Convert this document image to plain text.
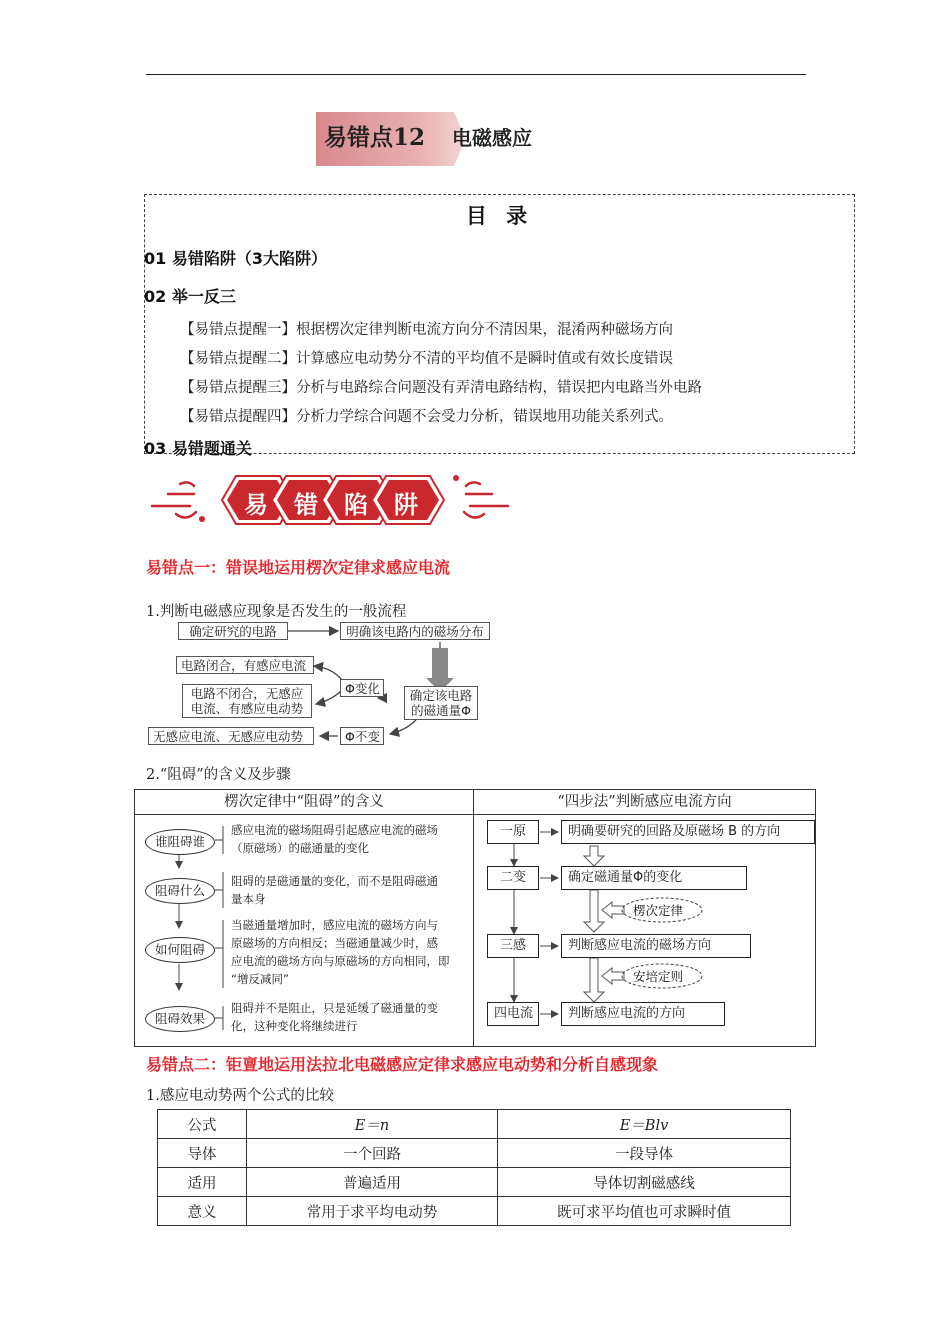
易错点12 电磁感应
目 录
01 易错陷阱（3大陷阱）
02 举一反三
【易错点提醒一】根据楞次定律判断电流方向分不清因果，混淆两种磁场方向
【易错点提醒二】计算感应电动势分不清的平均值不是瞬时值或有效长度错误
【易错点提醒三】分析与电路综合问题没有弄清电路结构，错误把内电路当外电路
【易错点提醒四】分析力学综合问题不会受力分析，错误地用功能关系列式。
03 易错题通关
易 错 陷 阱
易错点一：错误地运用楞次定律求感应电流
1.判断电磁感应现象是否发生的一般流程
确定研究的电路	明确该电路内的磁场分布
电路闭合，有感应电流
电路不闭合，无感应
电流、有感应电动势
Φ变化	确定该电路
的磁通量Φ
无感应电流、无感应电动势	Φ不变
2.“阻碍”的含义及步骤
楞次定律中“阻碍”的含义	“四步法”判断感应电流方向
谁阻碍谁
阻碍什么
如何阻碍
阻碍效果
感应电流的磁场阻碍引起感应电流的磁场
（原磁场）的磁通量的变化
阻碍的是磁通量的变化，而不是阻碍磁通
量本身
当磁通量增加时，感应电流的磁场方向与
原磁场的方向相反；当磁通量减少时，感
应电流的磁场方向与原磁场的方向相同，即
“增反减同”
阻碍并不是阻止，只是延缓了磁通量的变
化，这种变化将继续进行
一原
二变
三感
四电流
明确要研究的回路及原磁场 B 的方向
确定磁通量Φ的变化
判断感应电流的磁场方向
判断感应电流的方向
楞次定律
安培定则
易错点二：钜亶地运用法拉北电磁感应定律求感应电动势和分析自感现象
1.感应电动势两个公式的比较
公式	E＝n	E＝Blv
导体	一个回路	一段导体
适用	普遍适用	导体切割磁感线
意义	常用于求平均电动势	既可求平均值也可求瞬时值
